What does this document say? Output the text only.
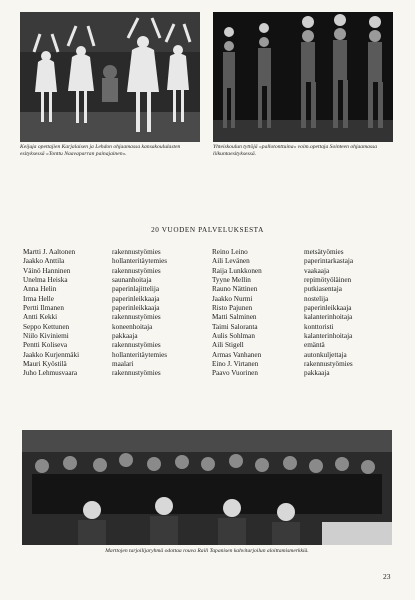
Keijuja opettajien Karjalaisen ja Lehdon ohjaamassa kansakoululasten esityksessä »Tonttu Naavaparran painajainen«.
Yhteiskoulun tyttöjä »pallotonttuina« voim.opettaja Sointeen ohjaamassa liikuntaesityksessä.
20 VUODEN PALVELUKSESTA
Martti J. Aaltonen
Jaakko Anttila
Väinö Hanninen
Unelma Heiska
Anna Helin
Irma Helle
Pertti Ilmanen
Antti Kekki
Seppo Kettunen
Niilo Kiviniemi
Pentti Koliseva
Jaakko Kurjenmäki
Mauri Kyöstilä
Juho Lehmusvaara
rakennustyömies
hollanteritäytemies
rakennustyömies
saunanhoitaja
paperinlajittelija
paperinleikkaaja
paperinleikkaaja
rakennustyömies
koneenhoitaja
pakkaaja
rakennustyömies
hollanteritäytemies
maalari
rakennustyömies
Reino Leino
Aili Levänen
Raija Lunkkonen
Tyyne Mellin
Rauno Nättinen
Jaakko Nurmi
Risto Pajunen
Matti Salminen
Taimi Saloranta
Aulis Sohlman
Aili Stigell
Armas Vanhanen
Eino J. Virtanen
Paavo Vuorinen
metsätyömies
paperintarkastaja
vaakaaja
repimötyöläinen
putkiasentaja
nostelija
paperinleikkaaja
kalanterinhoitaja
konttoristi
kalanterinhoitaja
emäntä
autonkuljettaja
rakennustyömies
pakkaaja
Marttojen tarjoilijaryhmä odottaa rouva Raili Tapanisen kahvitarjoilun aloittamismerkkiä.
23
